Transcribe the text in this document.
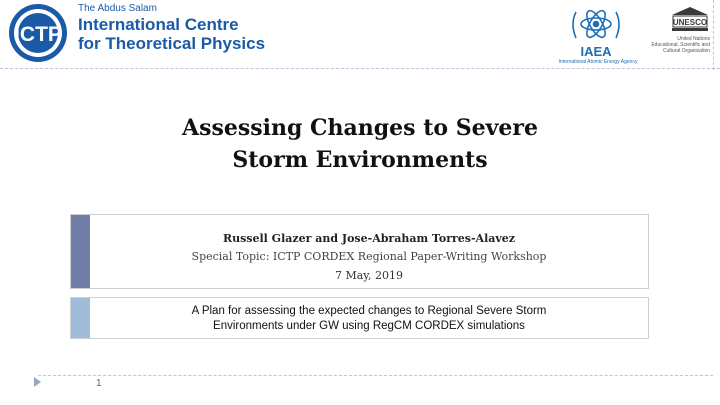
ICTP
The Abdus Salam
International Centre
for Theoretical Physics	IAEA
International Atomic Energy Agency
UNESCO
United Nations
Educational, Scientific and
Cultural Organization
Assessing Changes to Severe
Storm Environments
Russell Glazer and Jose-Abraham Torres-Alavez
Special Topic: ICTP CORDEX Regional Paper-Writing Workshop
7 May, 2019
A Plan for assessing the expected changes to Regional Severe Storm
Environments under GW using RegCM CORDEX simulations
1
